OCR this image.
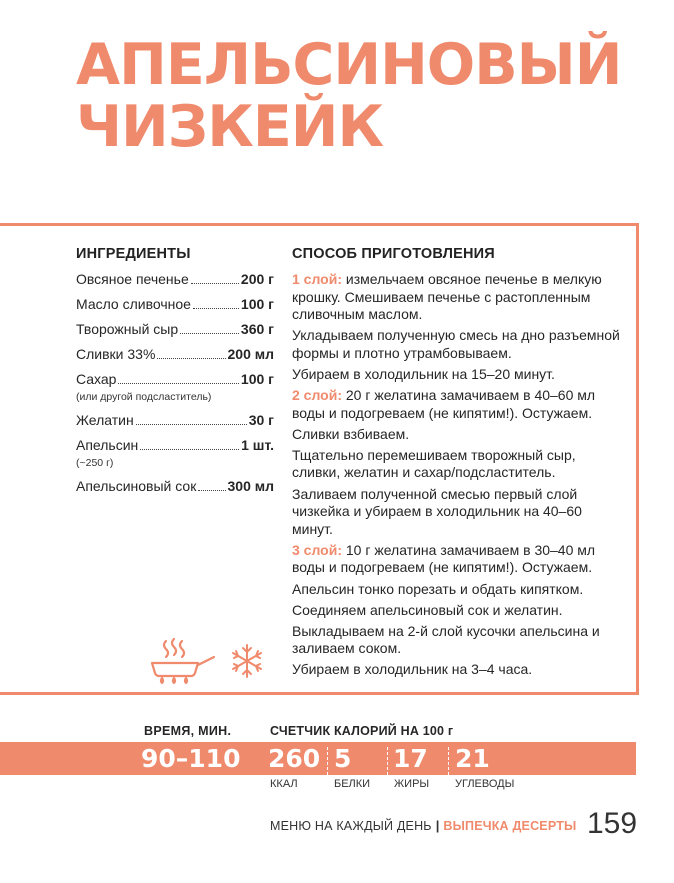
АПЕЛЬСИНОВЫЙ
ЧИЗКЕЙК
ИНГРЕДИЕНТЫ
Овсяное печенье	200 г
Масло сливочное	100 г
Творожный сыр	360 г
Сливки 33%	200 мл
Сахар	100 г
(или другой подсластитель)
Желатин	30 г
Апельсин	1 шт.
(~250 г)
Апельсиновый сок 300 мл
СПОСОБ ПРИГОТОВЛЕНИЯ
1 слой: измельчаем овсяное печенье в мелкую крошку. Смешиваем печенье с растопленным сливочным маслом.
Укладываем полученную смесь на дно разъемной формы и плотно утрамбовываем.
Убираем в холодильник на 15–20 минут.
2 слой: 20 г желатина замачиваем в 40–60 мл воды и подогреваем (не кипятим!). Остужаем.
Сливки взбиваем.
Тщательно перемешиваем творожный сыр, сливки, желатин и сахар/подсластитель.
Заливаем полученной смесью первый слой чизкейка и убираем в холодильник на 40–60 минут.
3 слой: 10 г желатина замачиваем в 30–40 мл воды и подогреваем (не кипятим!). Остужаем.
Апельсин тонко порезать и обдать кипятком.
Соединяем апельсиновый сок и желатин.
Выкладываем на 2-й слой кусочки апельсина и заливаем соком.
Убираем в холодильник на 3–4 часа.
ВРЕМЯ, МИН.	СЧЕТЧИК КАЛОРИЙ НА 100 г
90–110 260 5 17 21
ККАЛ	БЕЛКИ ЖИРЫ УГЛЕВОДЫ
МЕНЮ НА КАЖДЫЙ ДЕНЬ | ВЫПЕЧКА ДЕСЕРТЫ 159
